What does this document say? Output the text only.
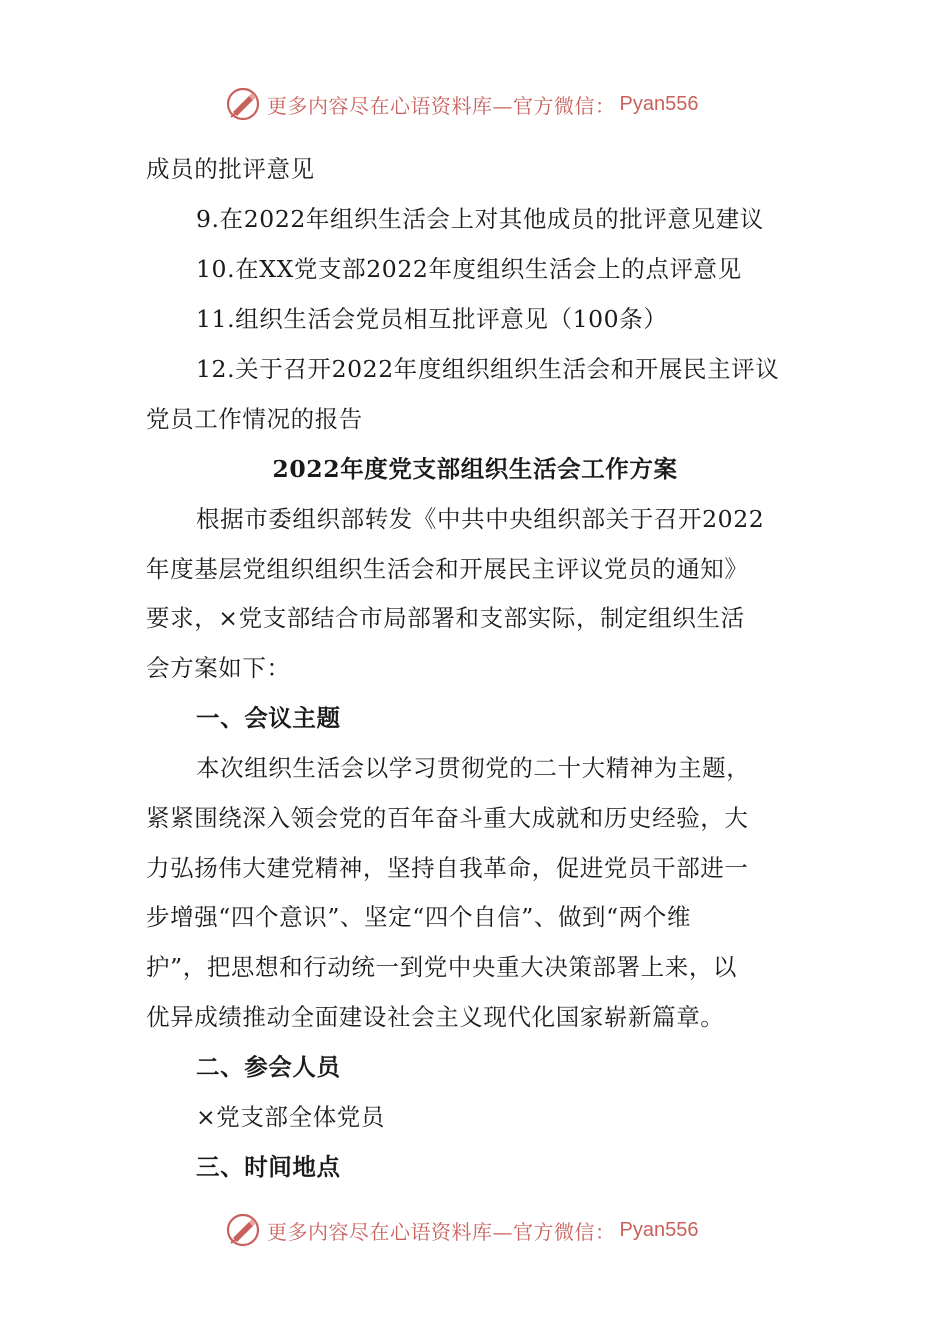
更多内容尽在心语资料库—官方微信： Pyan556
成员的批评意见
9.在2022年组织生活会上对其他成员的批评意见建议
10.在XX党支部2022年度组织生活会上的点评意见
11.组织生活会党员相互批评意见（100条）
12.关于召开2022年度组织组织生活会和开展民主评议
党员工作情况的报告
2022年度党支部组织生活会工作方案
根据市委组织部转发《中共中央组织部关于召开2022
年度基层党组织组织生活会和开展民主评议党员的通知》
要求，×党支部结合市局部署和支部实际，制定组织生活
会方案如下：
一、会议主题
本次组织生活会以学习贯彻党的二十大精神为主题，
紧紧围绕深入领会党的百年奋斗重大成就和历史经验，大
力弘扬伟大建党精神，坚持自我革命，促进党员干部进一
步增强“四个意识”、坚定“四个自信”、做到“两个维
护”，把思想和行动统一到党中央重大决策部署上来，以
优异成绩推动全面建设社会主义现代化国家崭新篇章。
二、参会人员
×党支部全体党员
三、时间地点
更多内容尽在心语资料库—官方微信： Pyan556
